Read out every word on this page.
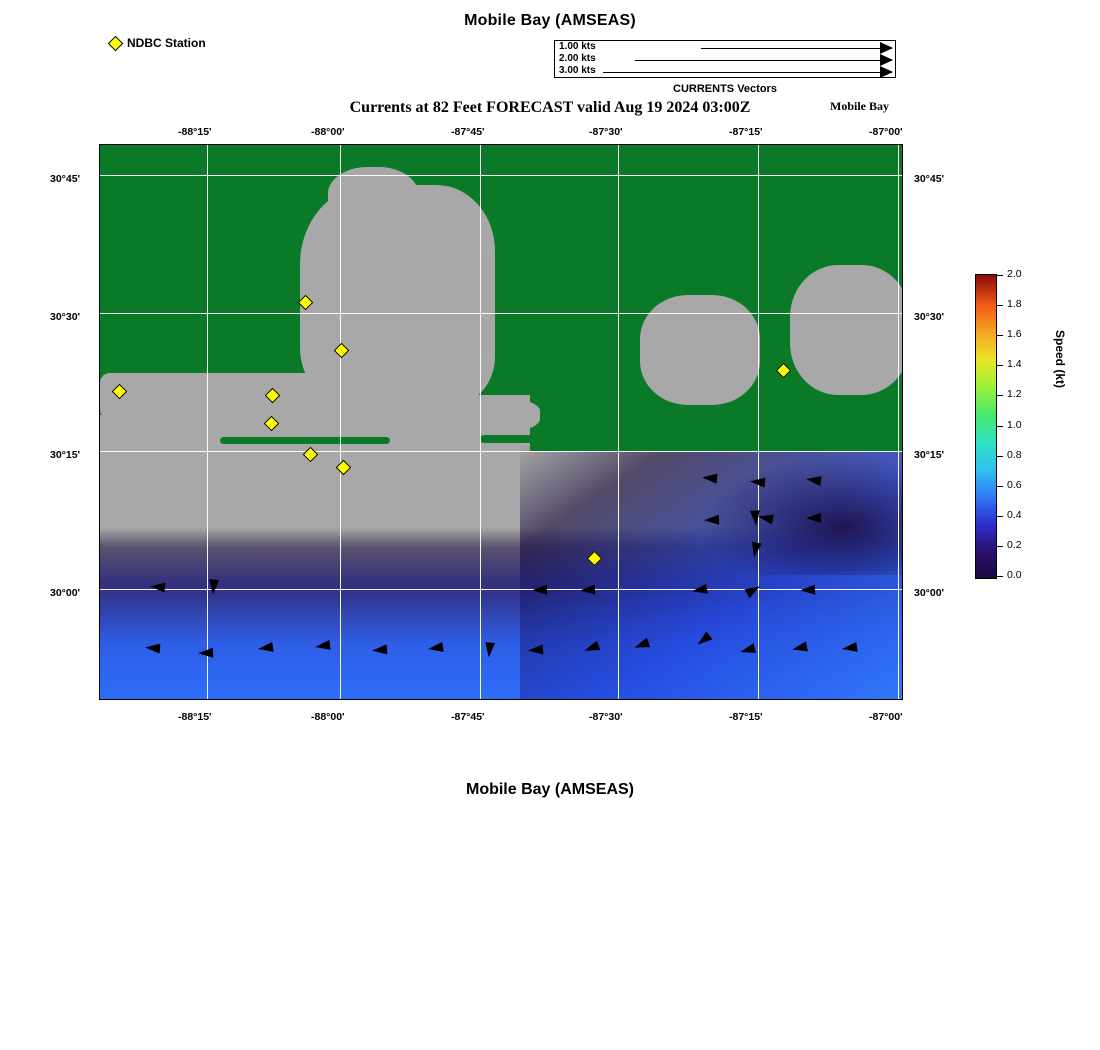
Mobile Bay (AMSEAS)
Currents at 82 Feet FORECAST valid Aug 19 2024 03:00Z	Mobile Bay
Mobile Bay (AMSEAS)
NDBC Station	1.00 kts
2.00 kts
3.00 kts
CURRENTS Vectors
-88°15'	-88°00'	-87°45'	-87°30'	-87°15'	-87°00'
-88°15'	-88°00'	-87°45'	-87°30'	-87°15'	-87°00'
30°45'
30°30'
30°15'
30°00'
30°45'
30°30'
30°15'
30°00'
2.0
1.8
1.6
1.4
1.2
1.0
0.8
0.6
0.4
0.2
0.0
Speed (kt)
